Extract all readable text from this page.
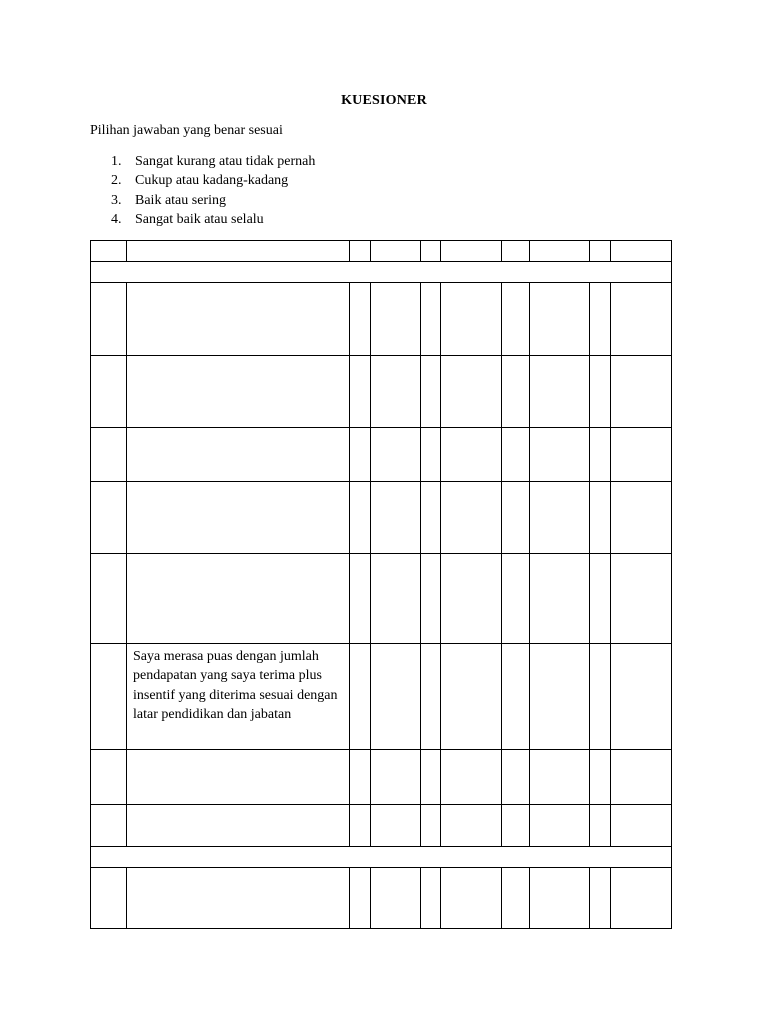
KUESIONER
Pilihan jawaban yang benar sesuai
1. Sangat kurang atau tidak pernah
2. Cukup atau kadang-kadang
3. Baik atau sering
4. Sangat baik atau selalu

	Saya merasa puas dengan jumlah pendapatan yang saya terima plus insentif yang diterima sesuai dengan latar pendidikan dan jabatan								
